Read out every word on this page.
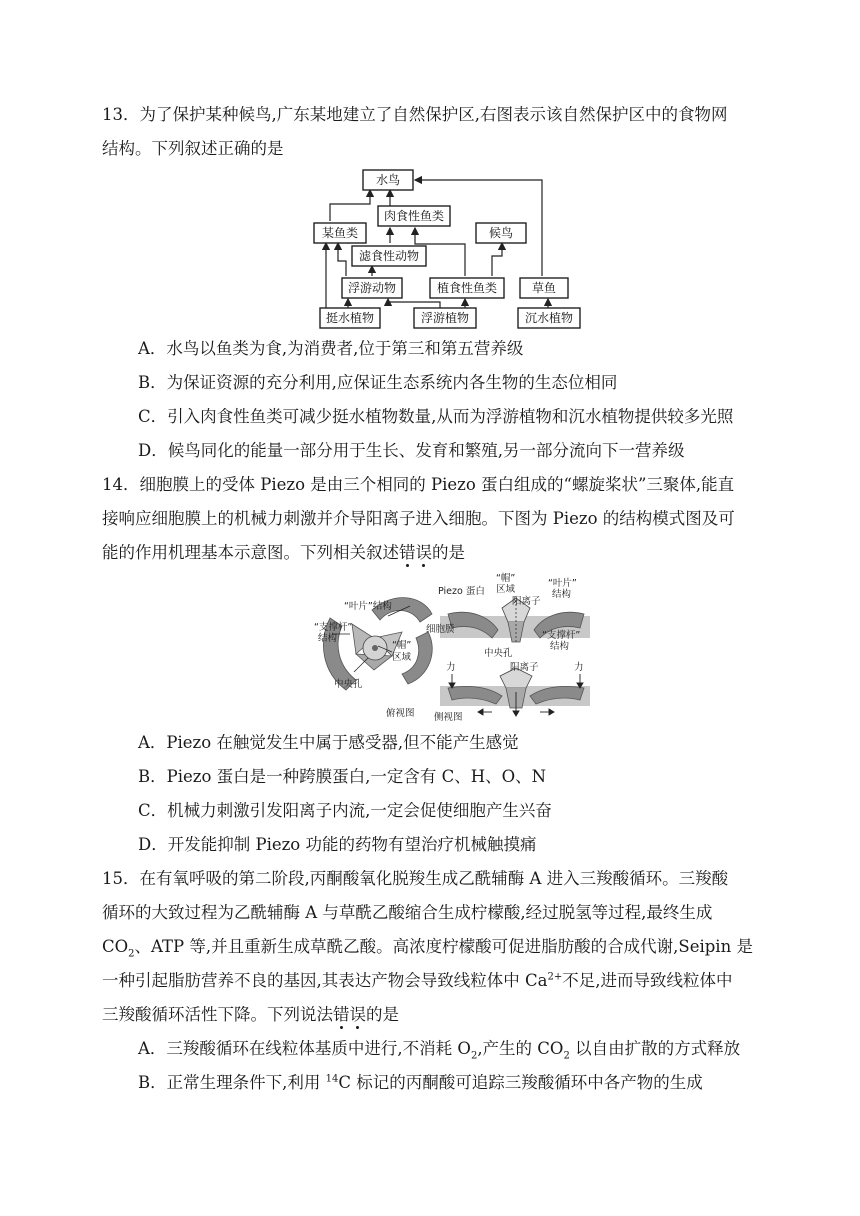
13．为了保护某种候鸟,广东某地建立了自然保护区,右图表示该自然保护区中的食物网
结构。下列叙述正确的是
水鸟
肉食性鱼类
某鱼类	候鸟
滤食性动物
浮游动物	植食性鱼类	草鱼
挺水植物	浮游植物	沉水植物
A．水鸟以鱼类为食,为消费者,位于第三和第五营养级
B．为保证资源的充分利用,应保证生态系统内各生物的生态位相同
C．引入肉食性鱼类可减少挺水植物数量,从而为浮游植物和沉水植物提供较多光照
D．候鸟同化的能量一部分用于生长、发育和繁殖,另一部分流向下一营养级
14．细胞膜上的受体 Piezo 是由三个相同的 Piezo 蛋白组成的“螺旋桨状”三聚体,能直
接响应细胞膜上的机械力刺激并介导阳离子进入细胞。下图为 Piezo 的结构模式图及可
能的作用机理基本示意图。下列相关叙述错误的是
“叶片”结构
“支撑杆”
结构
“帽”
区域
中央孔
俯视图
Piezo 蛋白
“帽”
区域
“叶片”
结构
阳离子
细胞膜
“支撑杆”
结构
中央孔
力	阳离子	力
侧视图
A．Piezo 在触觉发生中属于感受器,但不能产生感觉
B．Piezo 蛋白是一种跨膜蛋白,一定含有 C、H、O、N
C．机械力刺激引发阳离子内流,一定会促使细胞产生兴奋
D．开发能抑制 Piezo 功能的药物有望治疗机械触摸痛
15．在有氧呼吸的第二阶段,丙酮酸氧化脱羧生成乙酰辅酶 A 进入三羧酸循环。三羧酸
循环的大致过程为乙酰辅酶 A 与草酰乙酸缩合生成柠檬酸,经过脱氢等过程,最终生成
$CO_2$、ATP 等,并且重新生成草酰乙酸。高浓度柠檬酸可促进脂肪酸的合成代谢,Seipin 是
一种引起脂肪营养不良的基因,其表达产物会导致线粒体中 $Ca^{2+}$不足,进而导致线粒体中
三羧酸循环活性下降。下列说法错误的是
A．三羧酸循环在线粒体基质中进行,不消耗 $O_2$,产生的 $CO_2$ 以自由扩散的方式释放
B．正常生理条件下,利用 $^{14}$C 标记的丙酮酸可追踪三羧酸循环中各产物的生成
